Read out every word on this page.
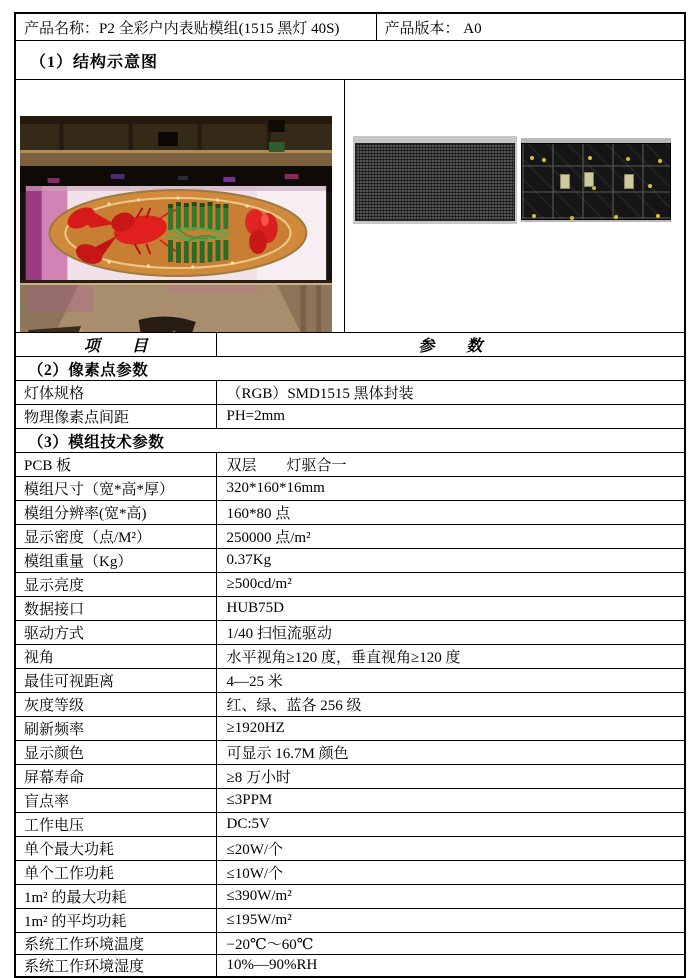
产品名称：P2 全彩户内表贴模组(1515 黑灯 40S)			产品版本： A0
（1）结构示意图			

项　　目	参　　数		
（2）像素点参数			
灯体规格	（RGB）SMD1515 黑体封装		
物理像素点间距	PH=2mm		
（3）模组技术参数			
PCB 板	双层　　灯驱合一		
模组尺寸（宽*高*厚）	320*160*16mm		
模组分辨率(宽*高)	160*80 点		
显示密度（点/M²）	250000 点/m²		
模组重量（Kg）	0.37Kg		
显示亮度	≥500cd/m²		
数据接口	HUB75D		
驱动方式	1/40 扫恒流驱动		
视角	水平视角≥120 度，垂直视角≥120 度		
最佳可视距离	4—25 米		
灰度等级	红、绿、蓝各 256 级		
刷新频率	≥1920HZ		
显示颜色	可显示 16.7M 颜色		
屏幕寿命	≥8 万小时		
盲点率	≤3PPM		
工作电压	DC:5V		
单个最大功耗	≤20W/个		
单个工作功耗	≤10W/个		
1m² 的最大功耗	≤390W/m²		
1m² 的平均功耗	≤195W/m²		
系统工作环境温度	−20℃～60℃		
系统工作环境湿度	10%—90%RH		
